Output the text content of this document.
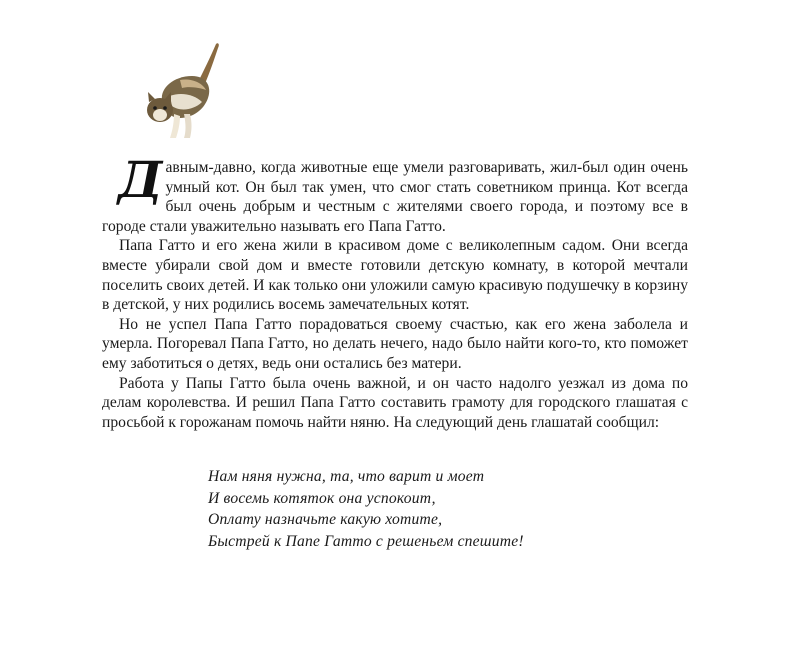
Давным-давно, когда животные еще умели разговаривать, жил-был один очень умный кот. Он был так умен, что смог стать советником принца. Кот всегда был очень добрым и честным с жителями своего города, и поэтому все в городе стали уважительно называть его Папа Гатто.

Папа Гатто и его жена жили в красивом доме с великолепным садом. Они всегда вместе убирали свой дом и вместе готовили детскую комнату, в которой мечтали поселить своих детей. И как только они уложили самую красивую подушечку в корзину в детской, у них родились восемь замечательных котят.

Но не успел Папа Гатто порадоваться своему счастью, как его жена заболела и умерла. Погоревал Папа Гатто, но делать нечего, надо было найти кого-то, кто поможет ему заботиться о детях, ведь они остались без матери.

Работа у Папы Гатто была очень важной, и он часто надолго уезжал из дома по делам королевства. И решил Папа Гатто составить грамоту для городского глашатая с просьбой к горожанам помочь найти няню. На следующий день глашатай сообщил:

Нам няня нужна, та, что варит и моет
И восемь котяток она успокоит,
Оплату назначьте какую хотите,
Быстрей к Папе Гатто с решеньем спешите!
